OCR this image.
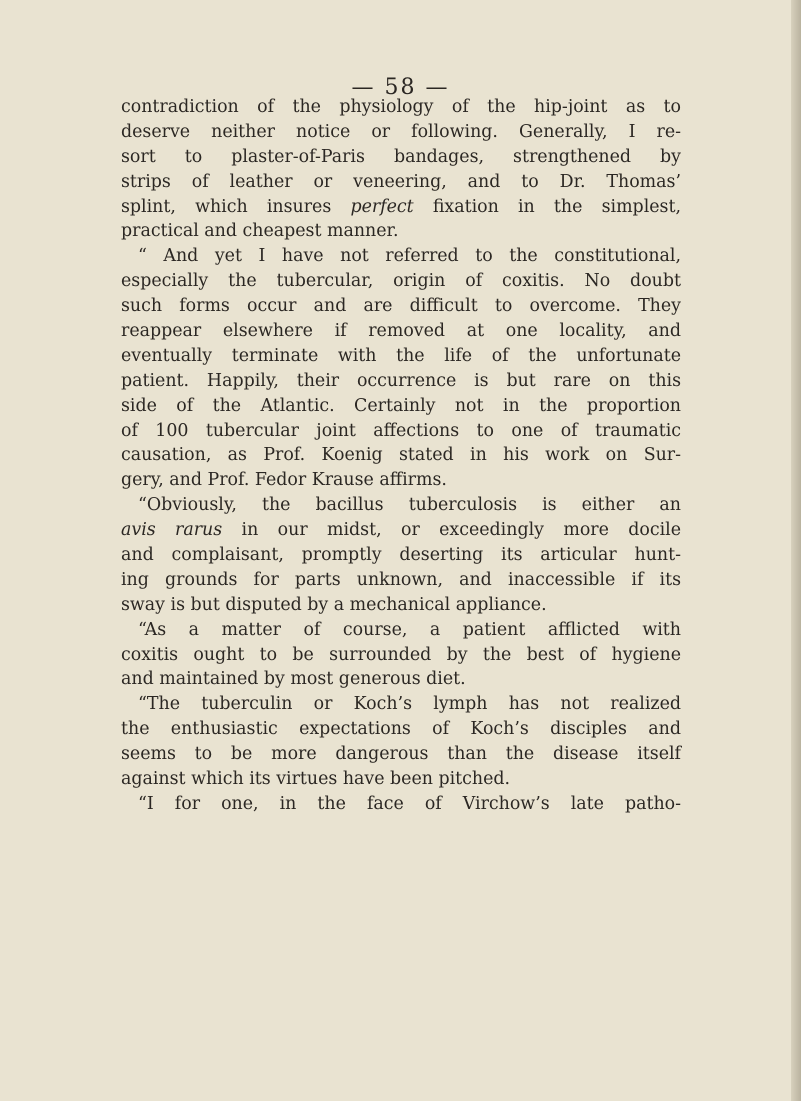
— 58 —
contradiction of the physiology of the hip-joint as to
deserve neither notice or following. Generally, I re-
sort to plaster-of-Paris bandages, strengthened by
strips of leather or veneering, and to Dr. Thomas’
splint, which insures perfect fixation in the simplest,
practical and cheapest manner.
“ And yet I have not referred to the constitutional,
especially the tubercular, origin of coxitis. No doubt
such forms occur and are difficult to overcome. They
reappear elsewhere if removed at one locality, and
eventually terminate with the life of the unfortunate
patient. Happily, their occurrence is but rare on this
side of the Atlantic. Certainly not in the proportion
of 100 tubercular joint affections to one of traumatic
causation, as Prof. Koenig stated in his work on Sur-
gery, and Prof. Fedor Krause affirms.
“Obviously, the bacillus tuberculosis is either an
avis rarus in our midst, or exceedingly more docile
and complaisant, promptly deserting its articular hunt-
ing grounds for parts unknown, and inaccessible if its
sway is but disputed by a mechanical appliance.
“As a matter of course, a patient afflicted with
coxitis ought to be surrounded by the best of hygiene
and maintained by most generous diet.
“The tuberculin or Koch’s lymph has not realized
the enthusiastic expectations of Koch’s disciples and
seems to be more dangerous than the disease itself
against which its virtues have been pitched.
“I for one, in the face of Virchow’s late patho-
